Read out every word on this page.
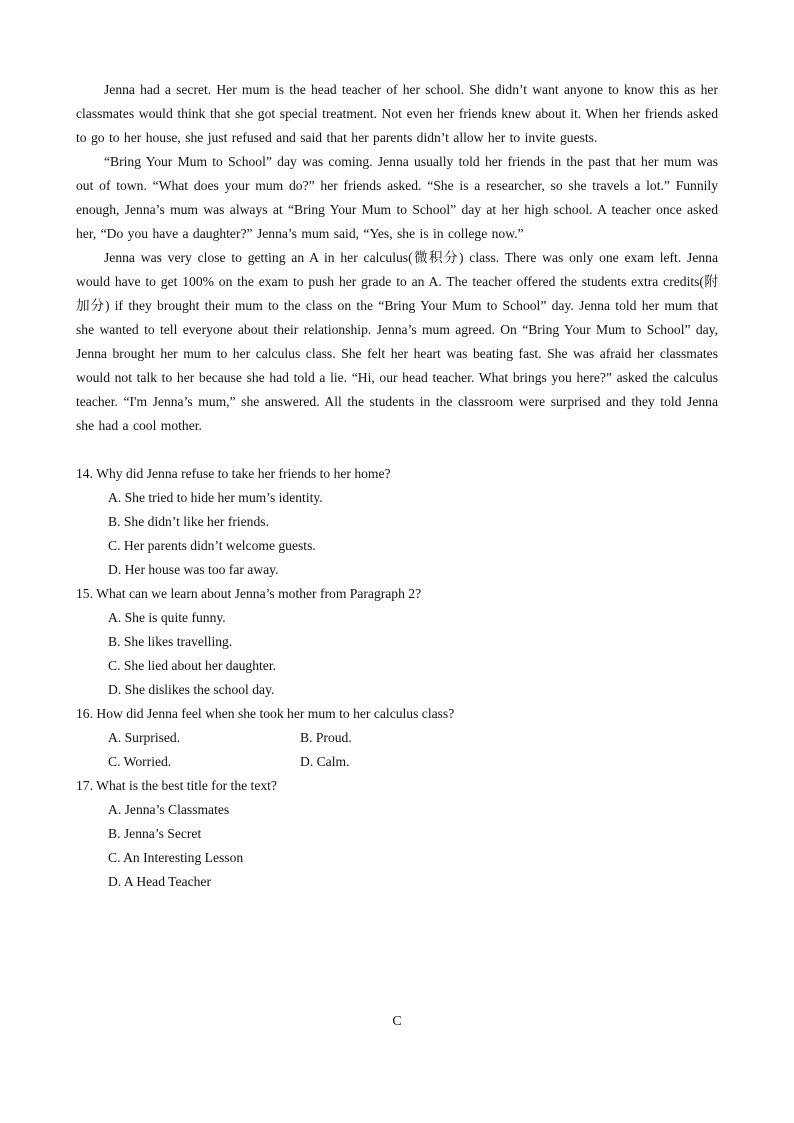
Jenna had a secret. Her mum is the head teacher of her school. She didn’t want anyone to know this as her classmates would think that she got special treatment. Not even her friends knew about it. When her friends asked to go to her house, she just refused and said that her parents didn’t allow her to invite guests.

“Bring Your Mum to School” day was coming. Jenna usually told her friends in the past that her mum was out of town. “What does your mum do?” her friends asked. “She is a researcher, so she travels a lot.” Funnily enough, Jenna’s mum was always at “Bring Your Mum to School” day at her high school. A teacher once asked her, “Do you have a daughter?” Jenna’s mum said, “Yes, she is in college now.”

Jenna was very close to getting an A in her calculus(微积分) class. There was only one exam left. Jenna would have to get 100% on the exam to push her grade to an A. The teacher offered the students extra credits(附加分) if they brought their mum to the class on the “Bring Your Mum to School” day. Jenna told her mum that she wanted to tell everyone about their relationship. Jenna’s mum agreed. On “Bring Your Mum to School” day, Jenna brought her mum to her calculus class. She felt her heart was beating fast. She was afraid her classmates would not talk to her because she had told a lie. “Hi, our head teacher. What brings you here?” asked the calculus teacher. “I'm Jenna’s mum,” she answered. All the students in the classroom were surprised and they told Jenna she had a cool mother.

14. Why did Jenna refuse to take her friends to her home?

A. She tried to hide her mum’s identity.

B. She didn’t like her friends.

C. Her parents didn’t welcome guests.

D. Her house was too far away.

15. What can we learn about Jenna’s mother from Paragraph 2?

A. She is quite funny.

B. She likes travelling.

C. She lied about her daughter.

D. She dislikes the school day.

16. How did Jenna feel when she took her mum to her calculus class?

A. Surprised.	B. Proud.
C. Worried.	D. Calm.

17. What is the best title for the text?

A. Jenna’s Classmates

B. Jenna’s Secret

C. An Interesting Lesson

D. A Head Teacher

C
